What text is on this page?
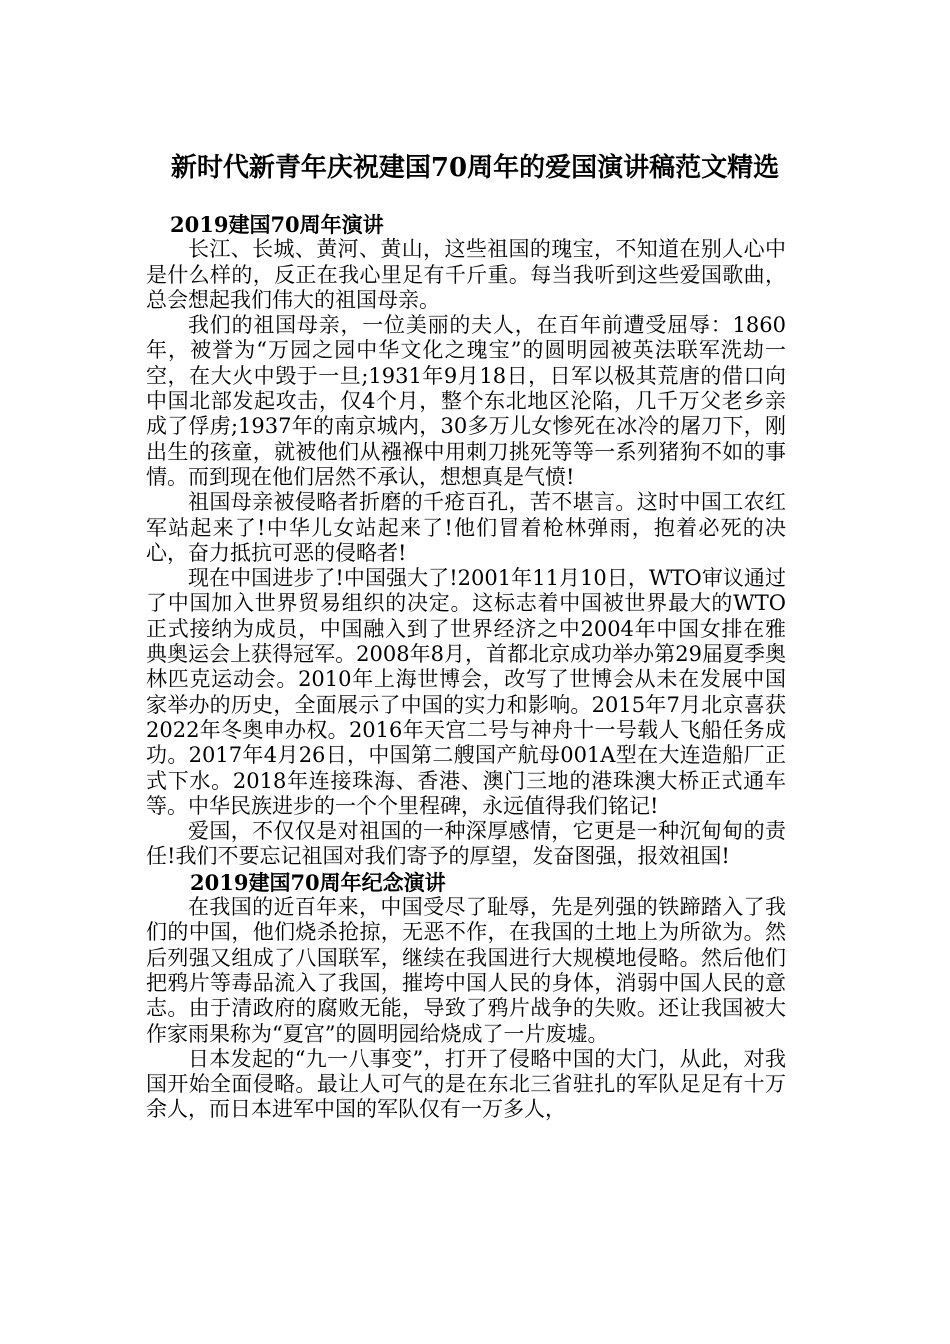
新时代新青年庆祝建国70周年的爱国演讲稿范文精选
2019建国70周年演讲

长江、长城、黄河、黄山，这些祖国的瑰宝，不知道在别人心中是什么样的，反正在我心里足有千斤重。每当我听到这些爱国歌曲，总会想起我们伟大的祖国母亲。

我们的祖国母亲，一位美丽的夫人，在百年前遭受屈辱：1860年，被誉为“万园之园中华文化之瑰宝”的圆明园被英法联军洗劫一空，在大火中毁于一旦;1931年9月18日，日军以极其荒唐的借口向中国北部发起攻击，仅4个月，整个东北地区沦陷，几千万父老乡亲成了俘虏;1937年的南京城内，30多万儿女惨死在冰冷的屠刀下，刚出生的孩童，就被他们从襁褓中用刺刀挑死等等一系列猪狗不如的事情。而到现在他们居然不承认，想想真是气愤!

祖国母亲被侵略者折磨的千疮百孔，苦不堪言。这时中国工农红军站起来了!中华儿女站起来了!他们冒着枪林弹雨，抱着必死的决心，奋力抵抗可恶的侵略者!

现在中国进步了!中国强大了!2001年11月10日，WTO审议通过了中国加入世界贸易组织的决定。这标志着中国被世界最大的WTO正式接纳为成员，中国融入到了世界经济之中2004年中国女排在雅典奥运会上获得冠军。2008年8月，首都北京成功举办第29届夏季奥林匹克运动会。2010年上海世博会，改写了世博会从未在发展中国家举办的历史，全面展示了中国的实力和影响。2015年7月北京喜获2022年冬奥申办权。2016年天宫二号与神舟十一号载人飞船任务成功。2017年4月26日，中国第二艘国产航母001A型在大连造船厂正式下水。2018年连接珠海、香港、澳门三地的港珠澳大桥正式通车等。中华民族进步的一个个里程碑，永远值得我们铭记!

爱国，不仅仅是对祖国的一种深厚感情，它更是一种沉甸甸的责任!我们不要忘记祖国对我们寄予的厚望，发奋图强，报效祖国!

2019建国70周年纪念演讲

在我国的近百年来，中国受尽了耻辱，先是列强的铁蹄踏入了我们的中国，他们烧杀抢掠，无恶不作，在我国的土地上为所欲为。然后列强又组成了八国联军，继续在我国进行大规模地侵略。然后他们把鸦片等毒品流入了我国，摧垮中国人民的身体，消弱中国人民的意志。由于清政府的腐败无能，导致了鸦片战争的失败。还让我国被大作家雨果称为“夏宫”的圆明园给烧成了一片废墟。

日本发起的“九一八事变”，打开了侵略中国的大门，从此，对我国开始全面侵略。最让人可气的是在东北三省驻扎的军队足足有十万余人，而日本进军中国的军队仅有一万多人，
